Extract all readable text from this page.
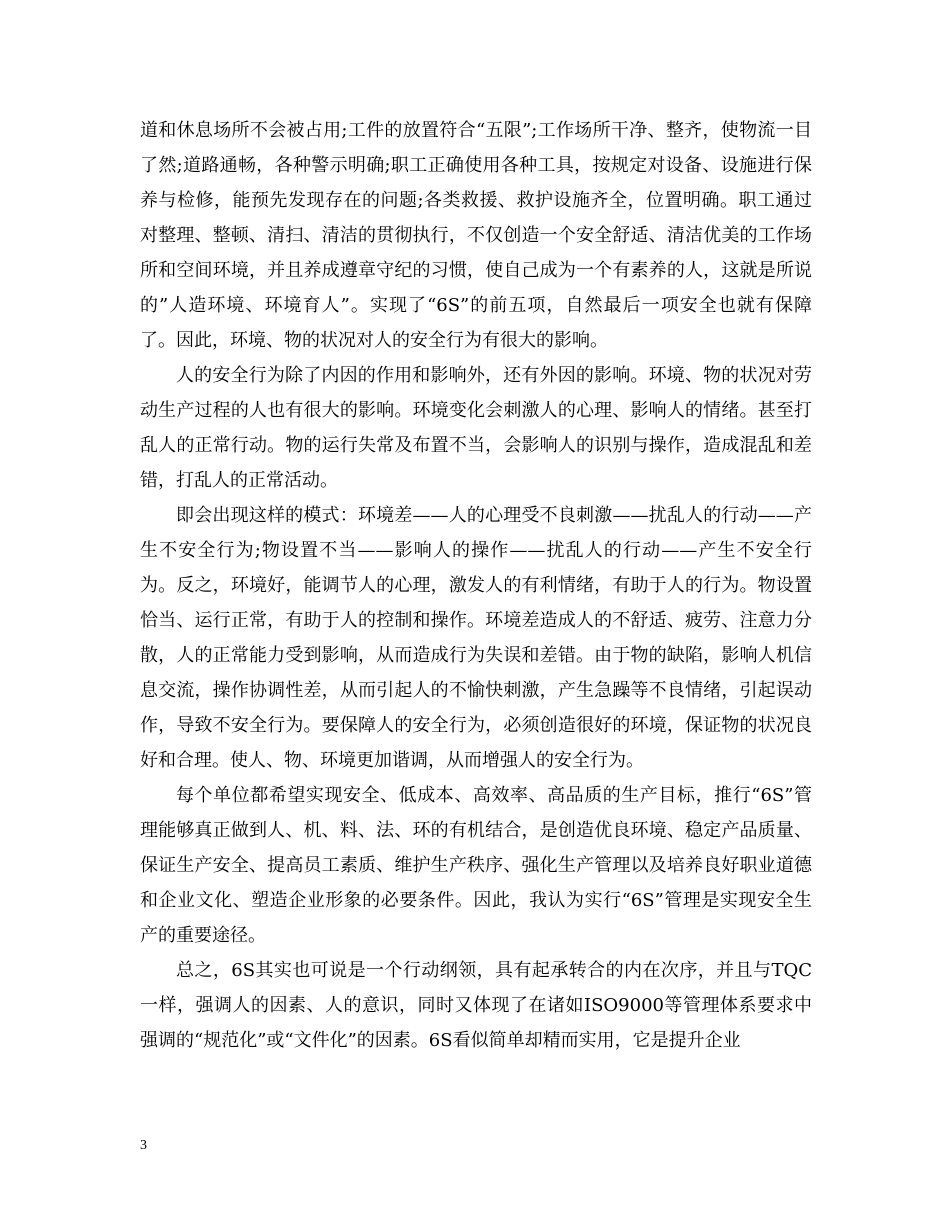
道和休息场所不会被占用;工件的放置符合“五限”;工作场所干净、整齐，使物流一目了然;道路通畅，各种警示明确;职工正确使用各种工具，按规定对设备、设施进行保养与检修，能预先发现存在的问题;各类救援、救护设施齐全，位置明确。职工通过对整理、整顿、清扫、清洁的贯彻执行，不仅创造一个安全舒适、清洁优美的工作场所和空间环境，并且养成遵章守纪的习惯，使自己成为一个有素养的人，这就是所说的”人造环境、环境育人”。实现了“6S”的前五项，自然最后一项安全也就有保障了。因此，环境、物的状况对人的安全行为有很大的影响。

人的安全行为除了内因的作用和影响外，还有外因的影响。环境、物的状况对劳动生产过程的人也有很大的影响。环境变化会刺激人的心理、影响人的情绪。甚至打乱人的正常行动。物的运行失常及布置不当，会影响人的识别与操作，造成混乱和差错，打乱人的正常活动。

即会出现这样的模式：环境差——人的心理受不良刺激——扰乱人的行动——产生不安全行为;物设置不当——影响人的操作——扰乱人的行动——产生不安全行为。反之，环境好，能调节人的心理，激发人的有利情绪，有助于人的行为。物设置恰当、运行正常，有助于人的控制和操作。环境差造成人的不舒适、疲劳、注意力分散，人的正常能力受到影响，从而造成行为失误和差错。由于物的缺陷，影响人机信息交流，操作协调性差，从而引起人的不愉快刺激，产生急躁等不良情绪，引起误动作，导致不安全行为。要保障人的安全行为，必须创造很好的环境，保证物的状况良好和合理。使人、物、环境更加谐调，从而增强人的安全行为。

每个单位都希望实现安全、低成本、高效率、高品质的生产目标，推行“6S”管理能够真正做到人、机、料、法、环的有机结合，是创造优良环境、稳定产品质量、保证生产安全、提高员工素质、维护生产秩序、强化生产管理以及培养良好职业道德和企业文化、塑造企业形象的必要条件。因此，我认为实行“6S”管理是实现安全生产的重要途径。

总之，6S其实也可说是一个行动纲领，具有起承转合的内在次序，并且与TQC一样，强调人的因素、人的意识，同时又体现了在诸如ISO9000等管理体系要求中强调的“规范化”或“文件化”的因素。6S看似简单却精而实用，它是提升企业

3
